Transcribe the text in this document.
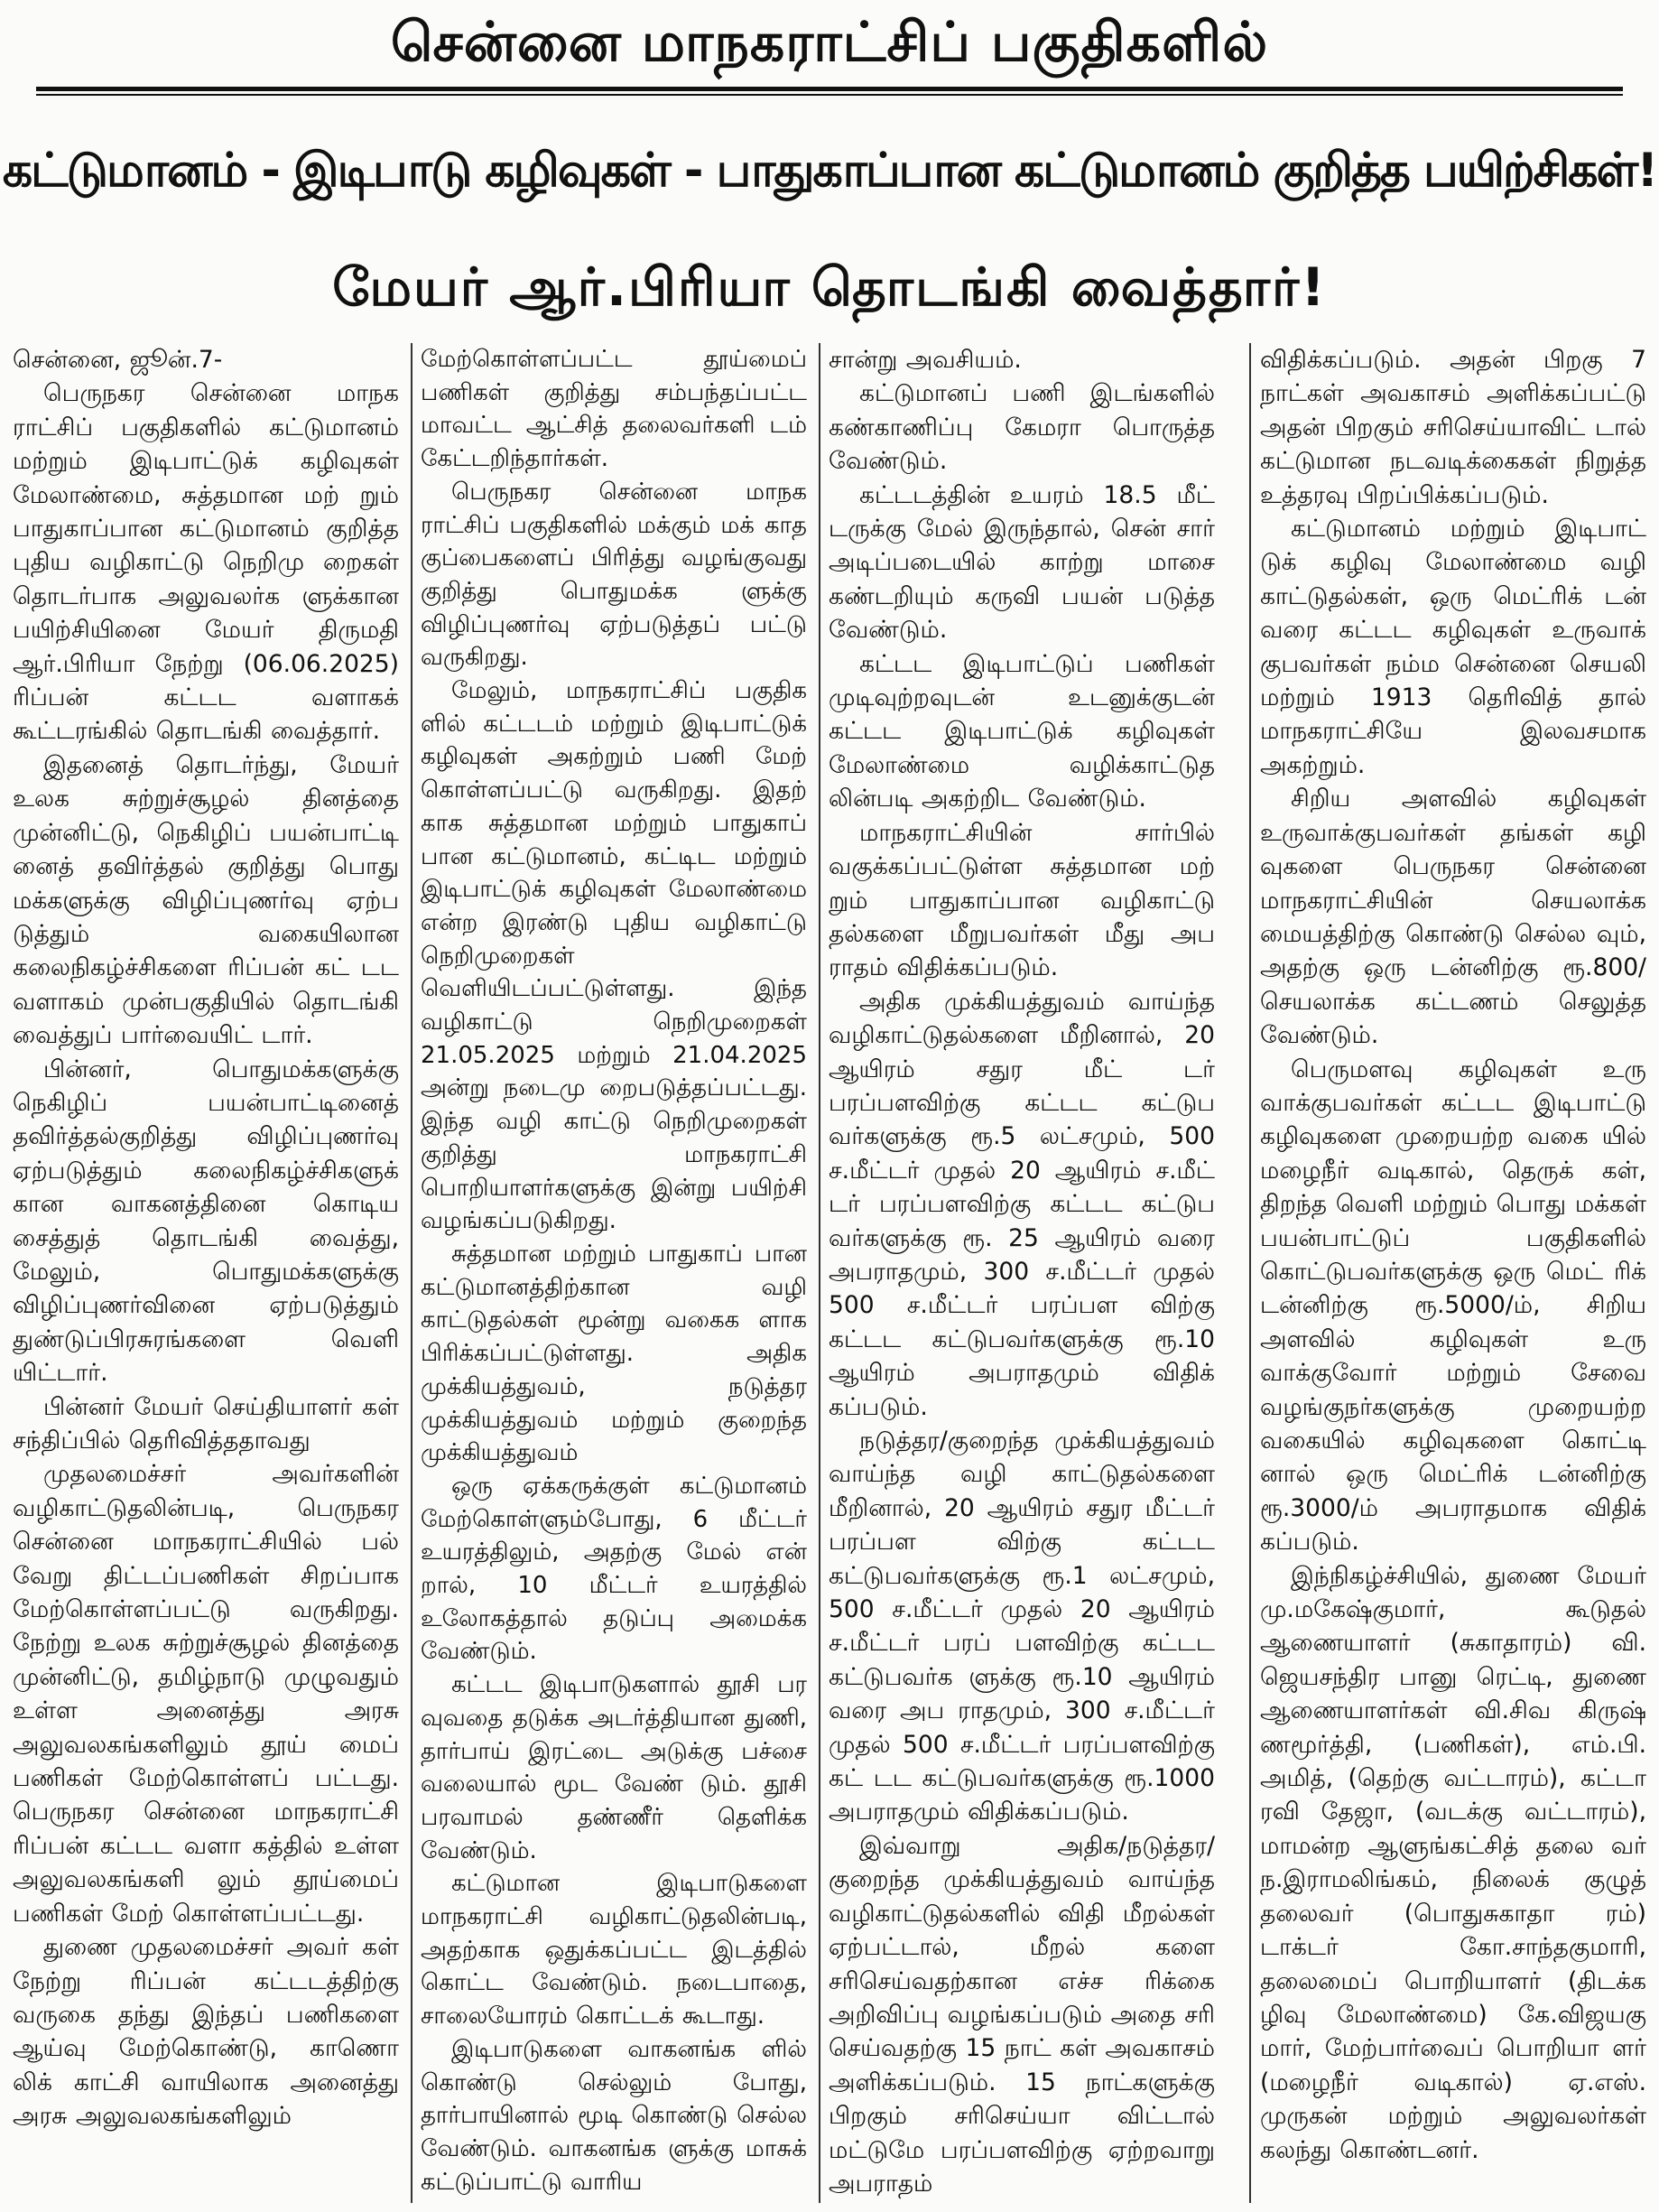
சென்னை மாநகராட்சிப் பகுதிகளில்
கட்டுமானம் - இடிபாடு கழிவுகள் - பாதுகாப்பான கட்டுமானம் குறித்த பயிற்சிகள்!
மேயர் ஆர்.பிரியா தொடங்கி வைத்தார்!

சென்னை, ஜூன்.7-

பெருநகர சென்னை மாநக ராட்சிப் பகுதிகளில் கட்டுமானம் மற்றும் இடிபாட்டுக் கழிவுகள் மேலாண்மை, சுத்தமான மற் றும் பாதுகாப்பான கட்டுமானம் குறித்த புதிய வழிகாட்டு நெறிமு றைகள் தொடர்பாக அலுவலர்க ளுக்கான பயிற்சியினை மேயர் திருமதி ஆர்.பிரியா நேற்று (06.06.2025) ரிப்பன் கட்டட வளாகக் கூட்டரங்கில் தொடங்கி வைத்தார்.

இதனைத் தொடர்ந்து, மேயர் உலக சுற்றுச்சூழல் தினத்தை முன்னிட்டு, நெகிழிப் பயன்பாட்டி னைத் தவிர்த்தல் குறித்து பொது மக்களுக்கு விழிப்புணர்வு ஏற்ப டுத்தும் வகையிலான கலைநிகழ்ச்சிகளை ரிப்பன் கட் டட வளாகம் முன்பகுதியில் தொடங்கி வைத்துப் பார்வையிட் டார்.

பின்னர், பொதுமக்களுக்கு நெகிழிப் பயன்பாட்டினைத் தவிர்த்தல்குறித்து விழிப்புணர்வு ஏற்படுத்தும் கலைநிகழ்ச்சிகளுக் கான வாகனத்தினை கொடிய சைத்துத் தொடங்கி வைத்து, மேலும், பொதுமக்களுக்கு விழிப்புணர்வினை ஏற்படுத்தும் துண்டுப்பிரசுரங்களை வெளி யிட்டார்.

பின்னர் மேயர் செய்தியாளர் கள் சந்திப்பில் தெரிவித்ததாவது

முதலமைச்சர் அவர்களின் வழிகாட்டுதலின்படி, பெருநகர சென்னை மாநகராட்சியில் பல் வேறு திட்டப்பணிகள் சிறப்பாக மேற்கொள்ளப்பட்டு வருகிறது. நேற்று உலக சுற்றுச்சூழல் தினத்தை முன்னிட்டு, தமிழ்நாடு முழுவதும் உள்ள அனைத்து அரசு அலுவலகங்களிலும் தூய் மைப் பணிகள் மேற்கொள்ளப் பட்டது. பெருநகர சென்னை மாநகராட்சி ரிப்பன் கட்டட வளா கத்தில் உள்ள அலுவலகங்களி லும் தூய்மைப் பணிகள் மேற் கொள்ளப்பட்டது.

துணை முதலமைச்சர் அவர் கள் நேற்று ரிப்பன் கட்டடத்திற்கு வருகை தந்து இந்தப் பணிகளை ஆய்வு மேற்கொண்டு, காணொ லிக் காட்சி வாயிலாக அனைத்து அரசு அலுவலகங்களிலும்

மேற்கொள்ளப்பட்ட தூய்மைப் பணிகள் குறித்து சம்பந்தப்பட்ட மாவட்ட ஆட்சித் தலைவர்களி டம் கேட்டறிந்தார்கள்.

பெருநகர சென்னை மாநக ராட்சிப் பகுதிகளில் மக்கும் மக் காத குப்பைகளைப் பிரித்து வழங்குவது குறித்து பொதுமக்க ளுக்கு விழிப்புணர்வு ஏற்படுத்தப் பட்டு வருகிறது.

மேலும், மாநகராட்சிப் பகுதிக ளில் கட்டடம் மற்றும் இடிபாட்டுக் கழிவுகள் அகற்றும் பணி மேற் கொள்ளப்பட்டு வருகிறது. இதற் காக சுத்தமான மற்றும் பாதுகாப் பான கட்டுமானம், கட்டிட மற்றும் இடிபாட்டுக் கழிவுகள் மேலாண்மை என்ற இரண்டு புதிய வழிகாட்டு நெறிமுறைகள் வெளியிடப்பட்டுள்ளது. இந்த வழிகாட்டு நெறிமுறைகள் 21.05.2025 மற்றும் 21.04.2025 அன்று நடைமு றைபடுத்தப்பட்டது. இந்த வழி காட்டு நெறிமுறைகள் குறித்து மாநகராட்சி பொறியாளர்களுக்கு இன்று பயிற்சி வழங்கப்படுகிறது.

சுத்தமான மற்றும் பாதுகாப் பான கட்டுமானத்திற்கான வழி காட்டுதல்கள் மூன்று வகைக ளாக பிரிக்கப்பட்டுள்ளது. அதிக முக்கியத்துவம், நடுத்தர முக்கியத்துவம் மற்றும் குறைந்த முக்கியத்துவம்

ஒரு ஏக்கருக்குள் கட்டுமானம் மேற்கொள்ளும்போது, 6 மீட்டர் உயரத்திலும், அதற்கு மேல் என் றால், 10 மீட்டர் உயரத்தில் உலோகத்தால் தடுப்பு அமைக்க வேண்டும்.

கட்டட இடிபாடுகளால் தூசி பர வுவதை தடுக்க அடர்த்தியான துணி, தார்பாய் இரட்டை அடுக்கு பச்சை வலையால் மூட வேண் டும். தூசி பரவாமல் தண்ணீர் தெளிக்க வேண்டும்.

கட்டுமான இடிபாடுகளை மாநகராட்சி வழிகாட்டுதலின்படி, அதற்காக ஒதுக்கப்பட்ட இடத்தில் கொட்ட வேண்டும். நடைபாதை, சாலையோரம் கொட்டக் கூடாது.

இடிபாடுகளை வாகனங்க ளில் கொண்டு செல்லும் போது, தார்பாயினால் மூடி கொண்டு செல்ல வேண்டும். வாகனங்க ளுக்கு மாசுக் கட்டுப்பாட்டு வாரிய

சான்று அவசியம்.

கட்டுமானப் பணி இடங்களில் கண்காணிப்பு கேமரா பொருத்த வேண்டும்.

கட்டடத்தின் உயரம் 18.5 மீட் டருக்கு மேல் இருந்தால், சென் சார் அடிப்படையில் காற்று மாசை கண்டறியும் கருவி பயன் படுத்த வேண்டும்.

கட்டட இடிபாட்டுப் பணிகள் முடிவுற்றவுடன் உடனுக்குடன் கட்டட இடிபாட்டுக் கழிவுகள் மேலாண்மை வழிக்காட்டுத லின்படி அகற்றிட வேண்டும்.

மாநகராட்சியின் சார்பில் வகுக்கப்பட்டுள்ள சுத்தமான மற் றும் பாதுகாப்பான வழிகாட்டு தல்களை மீறுபவர்கள் மீது அப ராதம் விதிக்கப்படும்.

அதிக முக்கியத்துவம் வாய்ந்த வழிகாட்டுதல்களை மீறினால், 20 ஆயிரம் சதுர மீட் டர் பரப்பளவிற்கு கட்டட கட்டுப வர்களுக்கு ரூ.5 லட்சமும், 500 ச.மீட்டர் முதல் 20 ஆயிரம் ச.மீட் டர் பரப்பளவிற்கு கட்டட கட்டுப வர்களுக்கு ரூ. 25 ஆயிரம் வரை அபராதமும், 300 ச.மீட்டர் முதல் 500 ச.மீட்டர் பரப்பள விற்கு கட்டட கட்டுபவர்களுக்கு ரூ.10 ஆயிரம் அபராதமும் விதிக் கப்படும்.

நடுத்தர/குறைந்த முக்கியத்துவம் வாய்ந்த வழி காட்டுதல்களை மீறினால், 20 ஆயிரம் சதுர மீட்டர் பரப்பள விற்கு கட்டட கட்டுபவர்களுக்கு ரூ.1 லட்சமும், 500 ச.மீட்டர் முதல் 20 ஆயிரம் ச.மீட்டர் பரப் பளவிற்கு கட்டட கட்டுபவர்க ளுக்கு ரூ.10 ஆயிரம் வரை அப ராதமும், 300 ச.மீட்டர் முதல் 500 ச.மீட்டர் பரப்பளவிற்கு கட் டட கட்டுபவர்களுக்கு ரூ.1000 அபராதமும் விதிக்கப்படும்.

இவ்வாறு அதிக/நடுத்தர/ குறைந்த முக்கியத்துவம் வாய்ந்த வழிகாட்டுதல்களில் விதி மீறல்கள் ஏற்பட்டால், மீறல் களை சரிசெய்வதற்கான எச்ச ரிக்கை அறிவிப்பு வழங்கப்படும் அதை சரி செய்வதற்கு 15 நாட் கள் அவகாசம் அளிக்கப்படும். 15 நாட்களுக்கு பிறகும் சரிசெய்யா விட்டால் மட்டுமே பரப்பளவிற்கு ஏற்றவாறு அபராதம்

விதிக்கப்படும். அதன் பிறகு 7 நாட்கள் அவகாசம் அளிக்கப்பட்டு அதன் பிறகும் சரிசெய்யாவிட் டால் கட்டுமான நடவடிக்கைகள் நிறுத்த உத்தரவு பிறப்பிக்கப்படும்.

கட்டுமானம் மற்றும் இடிபாட் டுக் கழிவு மேலாண்மை வழி காட்டுதல்கள், ஒரு மெட்ரிக் டன் வரை கட்டட கழிவுகள் உருவாக் குபவர்கள் நம்ம சென்னை செயலி மற்றும் 1913 தெரிவித் தால் மாநகராட்சியே இலவசமாக அகற்றும்.

சிறிய அளவில் கழிவுகள் உருவாக்குபவர்கள் தங்கள் கழி வுகளை பெருநகர சென்னை மாநகராட்சியின் செயலாக்க மையத்திற்கு கொண்டு செல்ல வும், அதற்கு ஒரு டன்னிற்கு ரூ.800/ செயலாக்க கட்டணம் செலுத்த வேண்டும்.

பெருமளவு கழிவுகள் உரு வாக்குபவர்கள் கட்டட இடிபாட்டு கழிவுகளை முறையற்ற வகை யில் மழைநீர் வடிகால், தெருக் கள், திறந்த வெளி மற்றும் பொது மக்கள் பயன்பாட்டுப் பகுதிகளில் கொட்டுபவர்களுக்கு ஒரு மெட் ரிக் டன்னிற்கு ரூ.5000/ம், சிறிய அளவில் கழிவுகள் உரு வாக்குவோர் மற்றும் சேவை வழங்குநர்களுக்கு முறையற்ற வகையில் கழிவுகளை கொட்டி னால் ஒரு மெட்ரிக் டன்னிற்கு ரூ.3000/ம் அபராதமாக விதிக் கப்படும்.

இந்நிகழ்ச்சியில், துணை மேயர் மு.மகேஷ்குமார், கூடுதல் ஆணையாளர் (சுகாதாரம்) வி. ஜெயசந்திர பானு ரெட்டி, துணை ஆணையாளர்கள் வி.சிவ கிருஷ் ணமூர்த்தி, (பணிகள்), எம்.பி. அமித், (தெற்கு வட்டாரம்), கட்டா ரவி தேஜா, (வடக்கு வட்டாரம்), மாமன்ற ஆளுங்கட்சித் தலை வர் ந.இராமலிங்கம், நிலைக் குழுத் தலைவர் (பொதுசுகாதா ரம்) டாக்டர் கோ.சாந்தகுமாரி, தலைமைப் பொறியாளர் (திடக்க ழிவு மேலாண்மை) கே.விஜயகு மார், மேற்பார்வைப் பொறியா ளர் (மழைநீர் வடிகால்) ஏ.எஸ். முருகன் மற்றும் அலுவலர்கள் கலந்து கொண்டனர்.
